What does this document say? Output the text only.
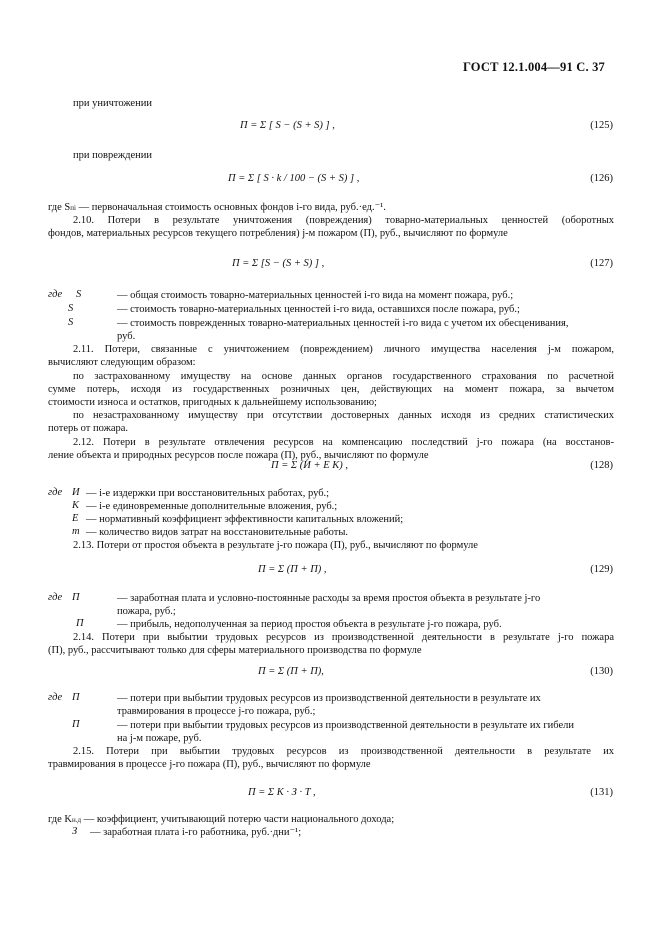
ГОСТ 12.1.004—91 С. 37
при уничтожении
П = Σ [ S − (S + S) ] ,	(125)
при повреждении
П = Σ [ S · k / 100 − (S + S) ] ,	(126)
где Sпi — первоначальная стоимость основных фондов i-го вида, руб.·ед.⁻¹.
2.10. Потери в результате уничтожения (повреждения) товарно-материальных ценностей (оборотных
фондов, материальных ресурсов текущего потребления) j-м пожаром (П), руб., вычисляют по формуле
П = Σ [S − (S + S) ] ,	(127)
где S	— общая стоимость товарно-материальных ценностей i-го вида на момент пожара, руб.;
S	— стоимость товарно-материальных ценностей i-го вида, оставшихся после пожара, руб.;
S	— стоимость поврежденных товарно-материальных ценностей i-го вида с учетом их обесценивания,
руб.
2.11. Потери, связанные с уничтожением (повреждением) личного имущества населения j-м пожаром,
вычисляют следующим образом:
по застрахованному имуществу на основе данных органов государственного страхования по расчетной
сумме потерь, исходя из государственных розничных цен, действующих на момент пожара, за вычетом
стоимости износа и остатков, пригодных к дальнейшему использованию;
по незастрахованному имуществу при отсутствии достоверных данных исходя из средних статистических
потерь от пожара.
2.12. Потери в результате отвлечения ресурсов на компенсацию последствий j-го пожара (на восстанов-
ление объекта и природных ресурсов после пожара (П), руб., вычисляют по формуле
П = Σ (И + E K) ,	(128)
где И — i-е издержки при восстановительных работах, руб.;
K — i-е единовременные дополнительные вложения, руб.;
E — нормативный коэффициент эффективности капитальных вложений;
m — количество видов затрат на восстановительные работы.
2.13. Потери от простоя объекта в результате j-го пожара (П), руб., вычисляют по формуле
П = Σ (П + П) ,	(129)
где П	— заработная плата и условно-постоянные расходы за время простоя объекта в результате j-го
пожара, руб.;
П	— прибыль, недополученная за период простоя объекта в результате j-го пожара, руб.
2.14. Потери при выбытии трудовых ресурсов из производственной деятельности в результате j-го пожара
(П), руб., рассчитывают только для сферы материального производства по формуле
П = Σ (П + П),	(130)
где П	— потери при выбытии трудовых ресурсов из производственной деятельности в результате их
травмирования в процессе j-го пожара, руб.;
П	— потери при выбытии трудовых ресурсов из производственной деятельности в результате их гибели
на j-м пожаре, руб.
2.15. Потери при выбытии трудовых ресурсов из производственной деятельности в результате их
травмирования в процессе j-го пожара (П), руб., вычисляют по формуле
П = Σ K · З · T ,	(131)
где Kн.д — коэффициент, учитывающий потерю части национального дохода;
З — заработная плата i-го работника, руб.·дни⁻¹;
